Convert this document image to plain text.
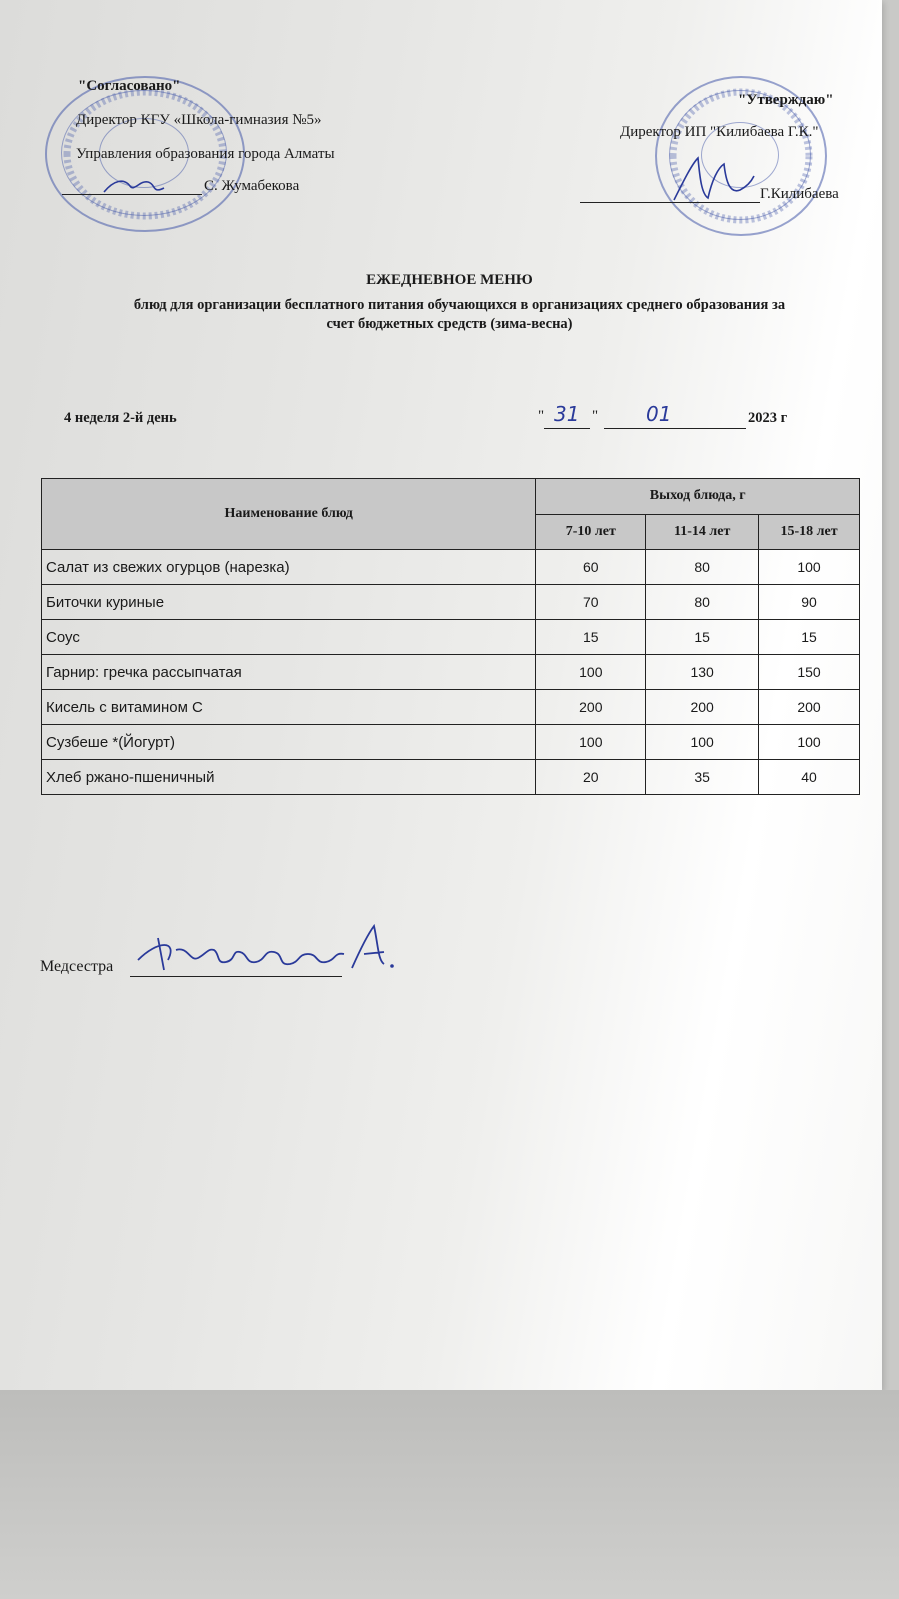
"Согласовано"
Директор КГУ «Школа-гимназия №5»
Управления образования города Алматы
С. Жумабекова
"Утверждаю"
Директор ИП "Килибаева Г.К."
Г.Килибаева
ЕЖЕДНЕВНОЕ МЕНЮ
блюд для организации бесплатного питания обучающихся в организациях среднего образования за
счет бюджетных средств (зима-весна)
4 неделя 2-й день	" 31 " 01	2023 г
Наименование блюд	Выход блюда, г		
	7-10 лет	11-14 лет	15-18 лет
Салат из свежих огурцов (нарезка)	60	80	100
Биточки куриные	70	80	90
Соус	15	15	15
Гарнир: гречка рассыпчатая	100	130	150
Кисель с витамином С	200	200	200
Сузбеше *(Йогурт)	100	100	100
Хлеб ржано-пшеничный	20	35	40
Медсестра
